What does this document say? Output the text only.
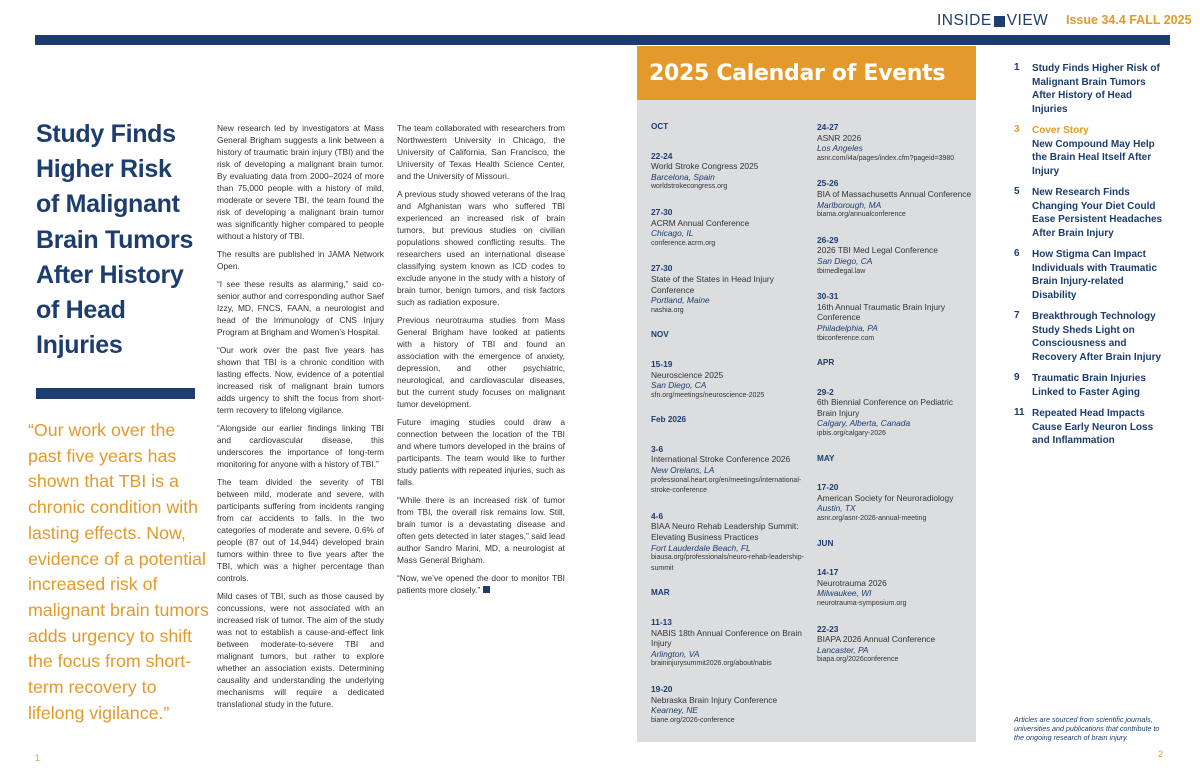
INSIDE VIEW Issue 34.4 FALL 2025
Study Finds Higher Risk of Malignant Brain Tumors After History of Head Injuries
“Our work over the past five years has shown that TBI is a chronic condition with lasting effects. Now, evidence of a potential increased risk of malignant brain tumors adds urgency to shift the focus from short-term recovery to lifelong vigilance.”
1

New research led by investigators at Mass General Brigham suggests a link between a history of traumatic brain injury (TBI) and the risk of developing a malignant brain tumor. By evaluating data from 2000–2024 of more than 75,000 people with a history of mild, moderate or severe TBI, the team found the risk of developing a malignant brain tumor was significantly higher compared to people without a history of TBI.

The results are published in JAMA Network Open.

“I see these results as alarming,” said co-senior author and corresponding author Saef Izzy, MD, FNCS, FAAN, a neurologist and head of the Immunology of CNS Injury Program at Brigham and Women’s Hospital.

“Our work over the past five years has shown that TBI is a chronic condition with lasting effects. Now, evidence of a potential increased risk of malignant brain tumors adds urgency to shift the focus from short-term recovery to lifelong vigilance.

“Alongside our earlier findings linking TBI and cardiovascular disease, this underscores the importance of long-term monitoring for anyone with a history of TBI.”

The team divided the severity of TBI between mild, moderate and severe, with participants suffering from incidents ranging from car accidents to falls. In the two categories of moderate and severe, 0.6% of people (87 out of 14,944) developed brain tumors within three to five years after the TBI, which was a higher percentage than controls.

Mild cases of TBI, such as those caused by concussions, were not associated with an increased risk of tumor. The aim of the study was not to establish a cause-and-effect link between moderate-to-severe TBI and malignant tumors, but rather to explore whether an association exists. Determining causality and understanding the underlying mechanisms will require a dedicated translational study in the future.

The team collaborated with researchers from Northwestern University in Chicago, the University of California, San Francisco, the University of Texas Health Science Center, and the University of Missouri.

A previous study showed veterans of the Iraq and Afghanistan wars who suffered TBI experienced an increased risk of brain tumors, but previous studies on civilian populations showed conflicting results. The researchers used an international disease classifying system known as ICD codes to exclude anyone in the study with a history of brain tumor, benign tumors, and risk factors such as radiation exposure.

Previous neurotrauma studies from Mass General Brigham have looked at patients with a history of TBI and found an association with the emergence of anxiety, depression, and other psychiatric, neurological, and cardiovascular diseases, but the current study focuses on malignant tumor development.

Future imaging studies could draw a connection between the location of the TBI and where tumors developed in the brains of participants. The team would like to further study patients with repeated injuries, such as falls.

“While there is an increased risk of tumor from TBI, the overall risk remains low. Still, brain tumor is a devastating disease and often gets detected in later stages,” said lead author Sandro Marini, MD, a neurologist at Mass General Brigham.

“Now, we’ve opened the door to monitor TBI patients more closely.”

2025 Calendar of Events
OCT
22-24
World Stroke Congress 2025
Barcelona, Spain
worldstrokecongress.org
27-30
ACRM Annual Conference
Chicago, IL
conference.acrm.org
27-30
State of the States in Head Injury Conference
Portland, Maine
nashia.org
NOV
15-19
Neuroscience 2025
San Diego, CA
sfn.org/meetings/neuroscience-2025
Feb 2026
3-6
International Stroke Conference 2026
New Orelans, LA
professional.heart.org/en/meetings/international-stroke-conference
4-6
BIAA Neuro Rehab Leadership Summit: Elevating Business Practices
Fort Lauderdale Beach, FL
biausa.org/professionals/neuro-rehab-leadership-summit
MAR
11-13
NABIS 18th Annual Conference on Brain Injury
Arlington, VA
braininjurysummit2026.org/about/nabis
19-20
Nebraska Brain Injury Conference
Kearney, NE
biane.org/2026-conference
24-27
ASNR 2026
Los Angeles
asnr.com/i4a/pages/index.cfm?pageid=3980
25-26
BIA of Massachusetts Annual Conference
Marlborough, MA
biama.org/annualconference
26-29
2026 TBI Med Legal Conference
San Diego, CA
tbimedlegal.law
30-31
16th Annual Traumatic Brain Injury Conference
Philadelphia, PA
tbiconference.com
APR
29-2
6th Biennial Conference on Pediatric Brain Injury
Calgary, Alberta, Canada
ipbis.org/calgary-2026
MAY
17-20
American Society for Neuroradiology
Austin, TX
asnr.org/asnr-2026-annual-meeting
JUN
14-17
Neurotrauma 2026
Milwaukee, WI
neurotrauma-symposium.org
22-23
BIAPA 2026 Annual Conference
Lancaster, PA
biapa.org/2026conference
1	Study Finds Higher Risk of Malignant Brain Tumors After History of Head Injuries
3	Cover Story
New Compound May Help the Brain Heal Itself After Injury
5	New Research Finds Changing Your Diet Could Ease Persistent Headaches After Brain Injury
6	How Stigma Can Impact Individuals with Traumatic Brain Injury-related Disability
7	Breakthrough Technology Study Sheds Light on Consciousness and Recovery After Brain Injury
9	Traumatic Brain Injuries Linked to Faster Aging
11 Repeated Head Impacts Cause Early Neuron Loss and Inflammation
Articles are sourced from scientific journals, universities and publications that contribute to the ongoing research of brain injury.
2
